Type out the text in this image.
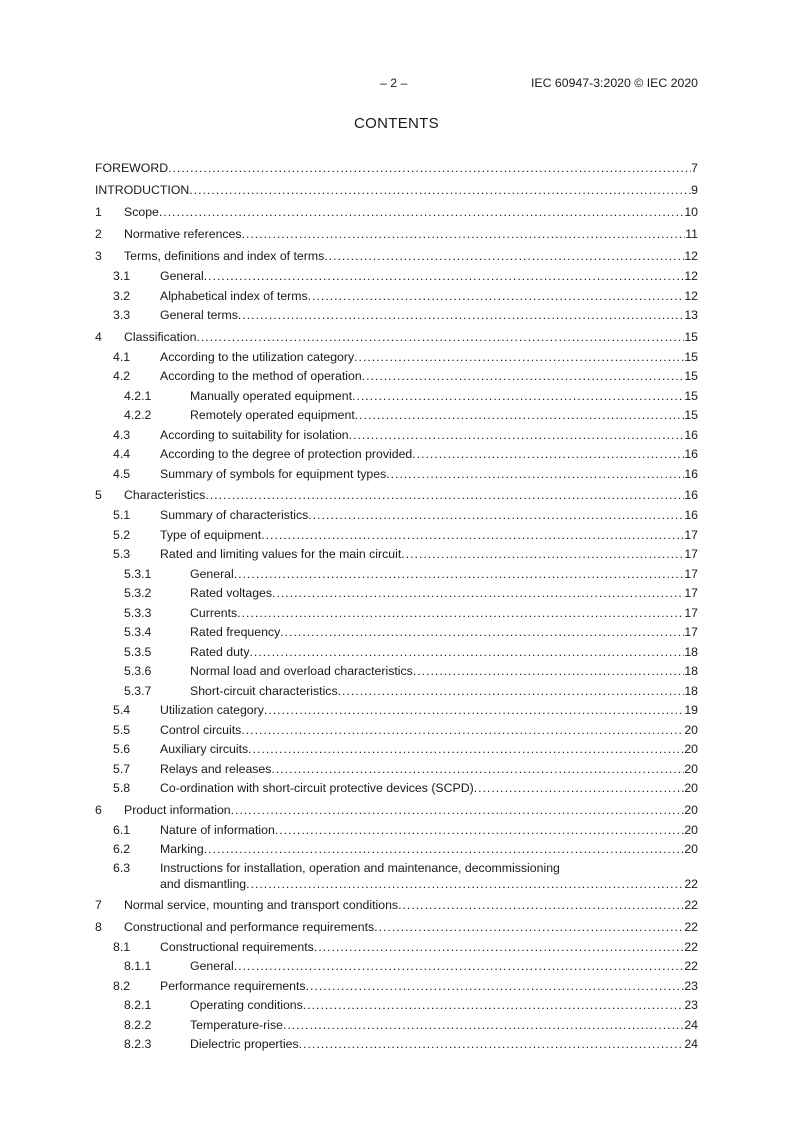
– 2 –	IEC 60947-3:2020 © IEC 2020
CONTENTS
FOREWORD .....	7
INTRODUCTION .....	9
1 Scope .....	10
2 Normative references .....	11
3 Terms, definitions and index of terms .....	12
3.1 General .....	12
3.2 Alphabetical index of terms .....	12
3.3 General terms .....	13
4 Classification .....	15
4.1 According to the utilization category .....	15
4.2 According to the method of operation .....	15
4.2.1	Manually operated equipment .....	15
4.2.2	Remotely operated equipment .....	15
4.3 According to suitability for isolation .....	16
4.4 According to the degree of protection provided .....	16
4.5 Summary of symbols for equipment types .....	16
5 Characteristics .....	16
5.1 Summary of characteristics .....	16
5.2 Type of equipment .....	17
5.3 Rated and limiting values for the main circuit .....	17
5.3.1	General .....	17
5.3.2	Rated voltages .....	17
5.3.3	Currents .....	17
5.3.4	Rated frequency .....	17
5.3.5	Rated duty .....	18
5.3.6	Normal load and overload characteristics .....	18
5.3.7	Short-circuit characteristics .....	18
5.4 Utilization category .....	19
5.5 Control circuits .....	20
5.6 Auxiliary circuits .....	20
5.7 Relays and releases .....	20
5.8 Co-ordination with short-circuit protective devices (SCPD) .....	20
6 Product information .....	20
6.1 Nature of information .....	20
6.2 Marking .....	20
6.3 Instructions for installation, operation and maintenance, decommissioning
and dismantling .....	22
7 Normal service, mounting and transport conditions .....	22
8 Constructional and performance requirements .....	22
8.1 Constructional requirements .....	22
8.1.1	General .....	22
8.2 Performance requirements .....	23
8.2.1	Operating conditions .....	23
8.2.2	Temperature-rise .....	24
8.2.3	Dielectric properties .....	24
